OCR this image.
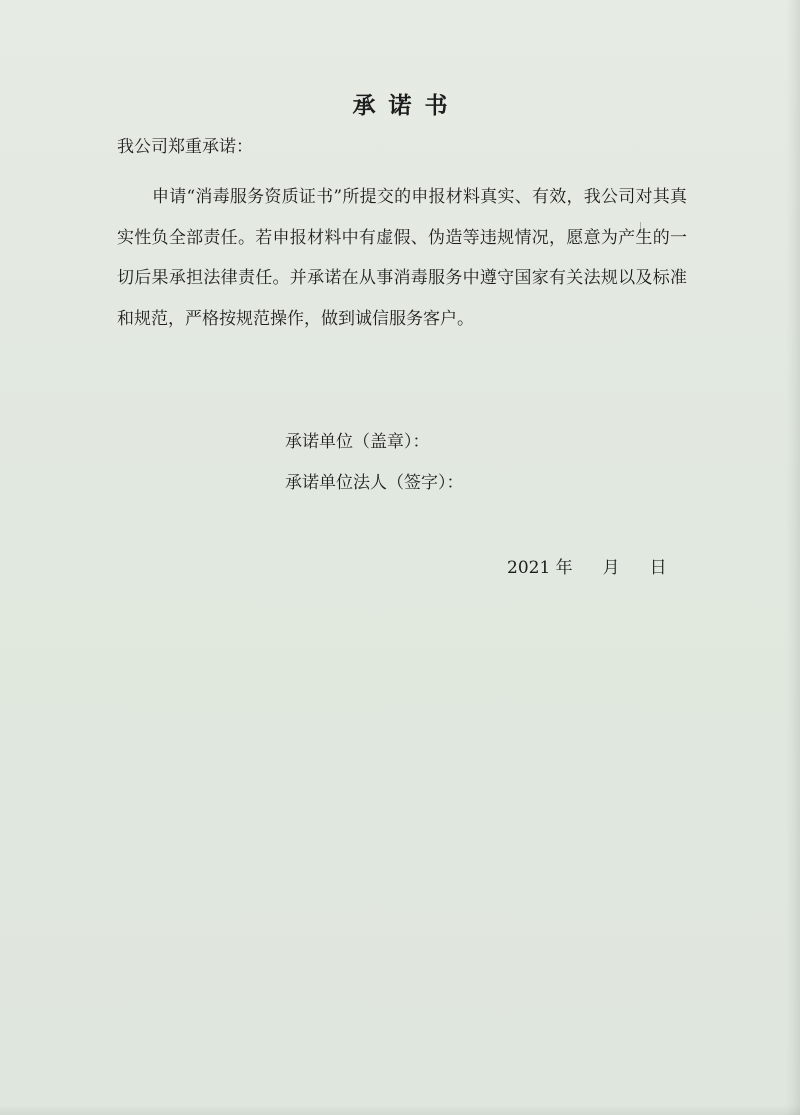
承诺书

我公司郑重承诺：

申请“消毒服务资质证书”所提交的申报材料真实、有效，我公司对其真实性负全部责任。若申报材料中有虚假、伪造等违规情况，愿意为产生的一切后果承担法律责任。并承诺在从事消毒服务中遵守国家有关法规以及标准和规范，严格按规范操作，做到诚信服务客户。

承诺单位（盖章）：

承诺单位法人（签字）：

2021 年 月 日
